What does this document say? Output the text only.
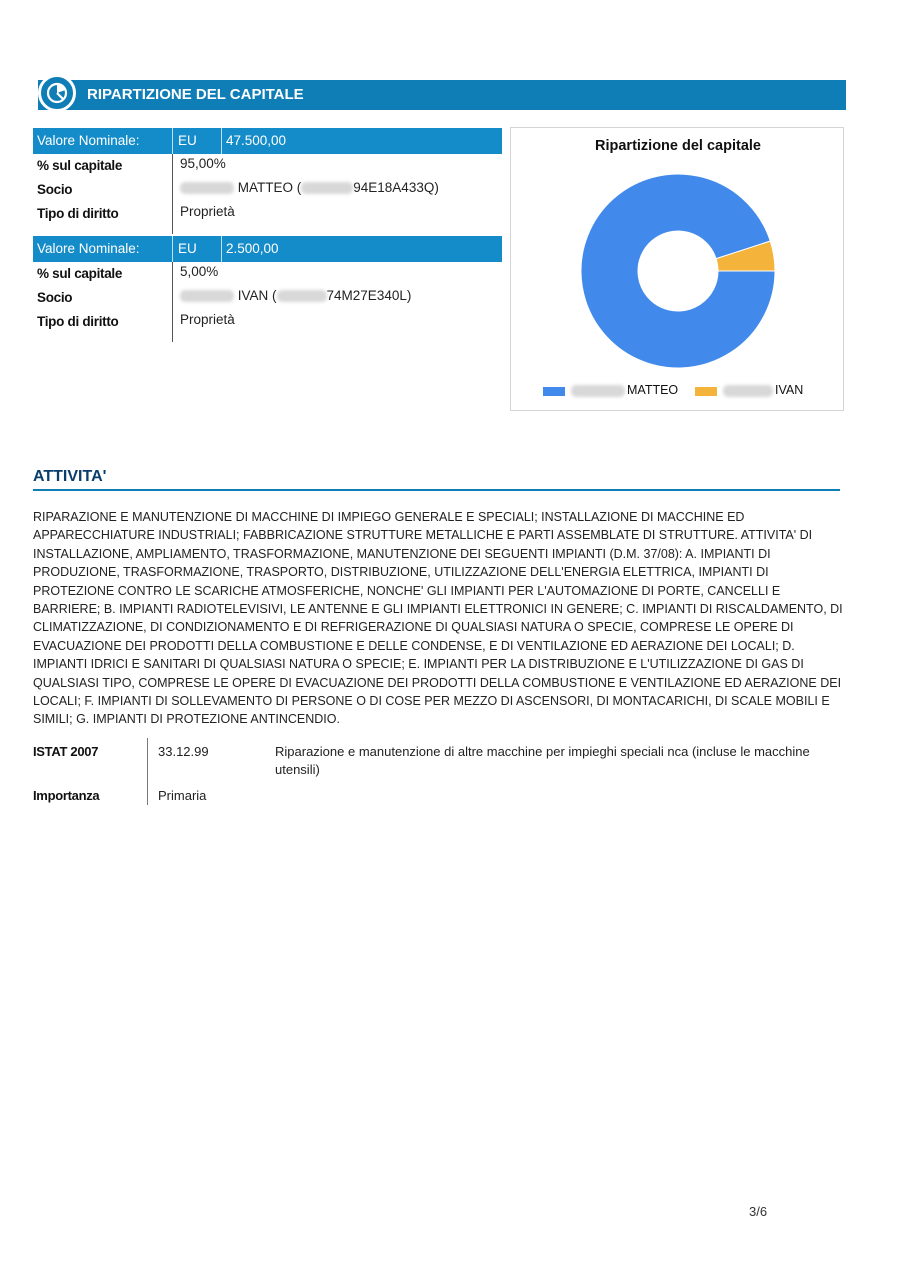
RIPARTIZIONE DEL CAPITALE
Valore Nominale:	EU 47.500,00
% sul capitale	95,00%
Socio	MATTEO (	94E18A433Q)
Tipo di diritto	Proprietà
Valore Nominale:	EU 2.500,00
% sul capitale	5,00%
Socio	IVAN (	74M27E340L)
Tipo di diritto	Proprietà
Ripartizione del capitale
MATTEO	IVAN
ATTIVITA'
RIPARAZIONE E MANUTENZIONE DI MACCHINE DI IMPIEGO GENERALE E SPECIALI; INSTALLAZIONE DI MACCHINE ED APPARECCHIATURE INDUSTRIALI; FABBRICAZIONE STRUTTURE METALLICHE E PARTI ASSEMBLATE DI STRUTTURE. ATTIVITA' DI INSTALLAZIONE, AMPLIAMENTO, TRASFORMAZIONE, MANUTENZIONE DEI SEGUENTI IMPIANTI (D.M. 37/08): A. IMPIANTI DI PRODUZIONE, TRASFORMAZIONE, TRASPORTO, DISTRIBUZIONE, UTILIZZAZIONE DELL'ENERGIA ELETTRICA, IMPIANTI DI PROTEZIONE CONTRO LE SCARICHE ATMOSFERICHE, NONCHE' GLI IMPIANTI PER L'AUTOMAZIONE DI PORTE, CANCELLI E BARRIERE; B. IMPIANTI RADIOTELEVISIVI, LE ANTENNE E GLI IMPIANTI ELETTRONICI IN GENERE; C. IMPIANTI DI RISCALDAMENTO, DI CLIMATIZZAZIONE, DI CONDIZIONAMENTO E DI REFRIGERAZIONE DI QUALSIASI NATURA O SPECIE, COMPRESE LE OPERE DI EVACUAZIONE DEI PRODOTTI DELLA COMBUSTIONE E DELLE CONDENSE, E DI VENTILAZIONE ED AERAZIONE DEI LOCALI; D. IMPIANTI IDRICI E SANITARI DI QUALSIASI NATURA O SPECIE; E. IMPIANTI PER LA DISTRIBUZIONE E L'UTILIZZAZIONE DI GAS DI QUALSIASI TIPO, COMPRESE LE OPERE DI EVACUAZIONE DEI PRODOTTI DELLA COMBUSTIONE E VENTILAZIONE ED AERAZIONE DEI LOCALI; F. IMPIANTI DI SOLLEVAMENTO DI PERSONE O DI COSE PER MEZZO DI ASCENSORI, DI MONTACARICHI, DI SCALE MOBILI E SIMILI; G. IMPIANTI DI PROTEZIONE ANTINCENDIO.
ISTAT 2007	33.12.99	Riparazione e manutenzione di altre macchine per impieghi speciali nca (incluse le macchine utensili)
Importanza	Primaria
3/6
